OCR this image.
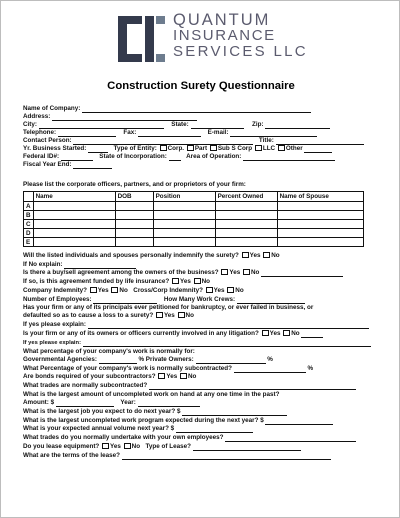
QUANTUM
INSURANCE
SERVICES LLC
Construction Surety Questionnaire
Name of Company:
Address:
City:	State:	Zip:
Telephone:	Fax:	E-mail:
Contact Person:	Title:
Yr. Business Started:	Type of Entity: Corp. Part Sub S Corp LLC Other
Federal ID#:	State of Incorporation:	Area of Operation:
Fiscal Year End:
Please list the corporate officers, partners, and or proprietors of your firm:
	Name	DOB	Position	Percent Owned	Name of Spouse
A					
B					
C					
D					
E					
Will the listed individuals and spouses personally indemnify the surety? Yes No
If No explain:
Is there a buy/sell agreement among the owners of the business? Yes No
If so, is this agreement funded by life insurance? Yes No
Company Indemnity? Yes No Cross/Corp Indemnity? Yes No
Number of Employees:	How Many Work Crews:
Has your firm or any of its principals ever petitioned for bankruptcy, or ever failed in business, or
defaulted so as to cause a loss to a surety? Yes No
If yes please explain:
Is your firm or any of its owners or officers currently involved in any litigation? Yes No
If yes please explain:
What percentage of your company's work is normally for:
Governmental Agencies:	% Private Owners:	%
What Percentage of your company's work is normally subcontracted?	%
Are bonds required of your subcontractors? Yes No
What trades are normally subcontracted?
What is the largest amount of uncompleted work on hand at any one time in the past?
Amount: $	Year:
What is the largest job you expect to do next year? $
What is the largest uncompleted work program expected during the next year? $
What is your expected annual volume next year? $
What trades do you normally undertake with your own employees?
Do you lease equipment? Yes No Type of Lease?
What are the terms of the lease?
